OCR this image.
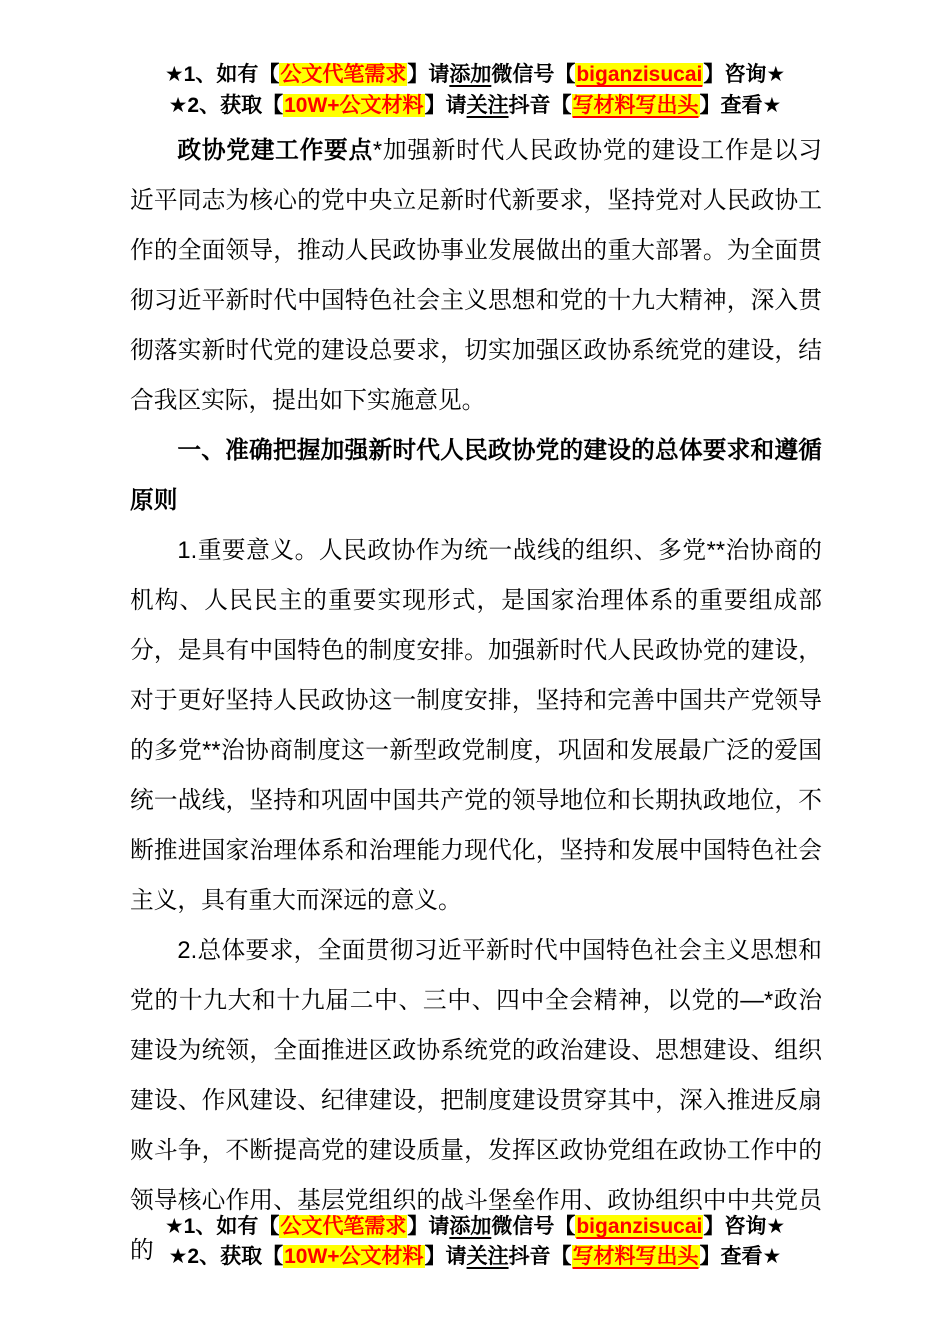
★1、如有【公文代笔需求】请添加微信号【biganzisucai】咨询★
★2、获取【10W+公文材料】请关注抖音【写材料写出头】查看★

政协党建工作要点*加强新时代人民政协党的建设工作是以习近平同志为核心的党中央立足新时代新要求，坚持党对人民政协工作的全面领导，推动人民政协事业发展做出的重大部署。为全面贯彻习近平新时代中国特色社会主义思想和党的十九大精神，深入贯彻落实新时代党的建设总要求，切实加强区政协系统党的建设，结合我区实际，提出如下实施意见。

一、准确把握加强新时代人民政协党的建设的总体要求和遵循原则

1.重要意义。人民政协作为统一战线的组织、多党**治协商的机构、人民民主的重要实现形式，是国家治理体系的重要组成部分，是具有中国特色的制度安排。加强新时代人民政协党的建设，对于更好坚持人民政协这一制度安排，坚持和完善中国共产党领导的多党**治协商制度这一新型政党制度，巩固和发展最广泛的爱国统一战线，坚持和巩固中国共产党的领导地位和长期执政地位，不断推进国家治理体系和治理能力现代化，坚持和发展中国特色社会主义，具有重大而深远的意义。

2.总体要求，全面贯彻习近平新时代中国特色社会主义思想和党的十九大和十九届二中、三中、四中全会精神，以党的—*政治建设为统领，全面推进区政协系统党的政治建设、思想建设、组织建设、作风建设、纪律建设，把制度建设贯穿其中，深入推进反扇败斗争，不断提高党的建设质量，发挥区政协党组在政协工作中的领导核心作用、基层党组织的战斗堡垒作用、政协组织中中共党员的

★1、如有【公文代笔需求】请添加微信号【biganzisucai】咨询★
★2、获取【10W+公文材料】请关注抖音【写材料写出头】查看★
